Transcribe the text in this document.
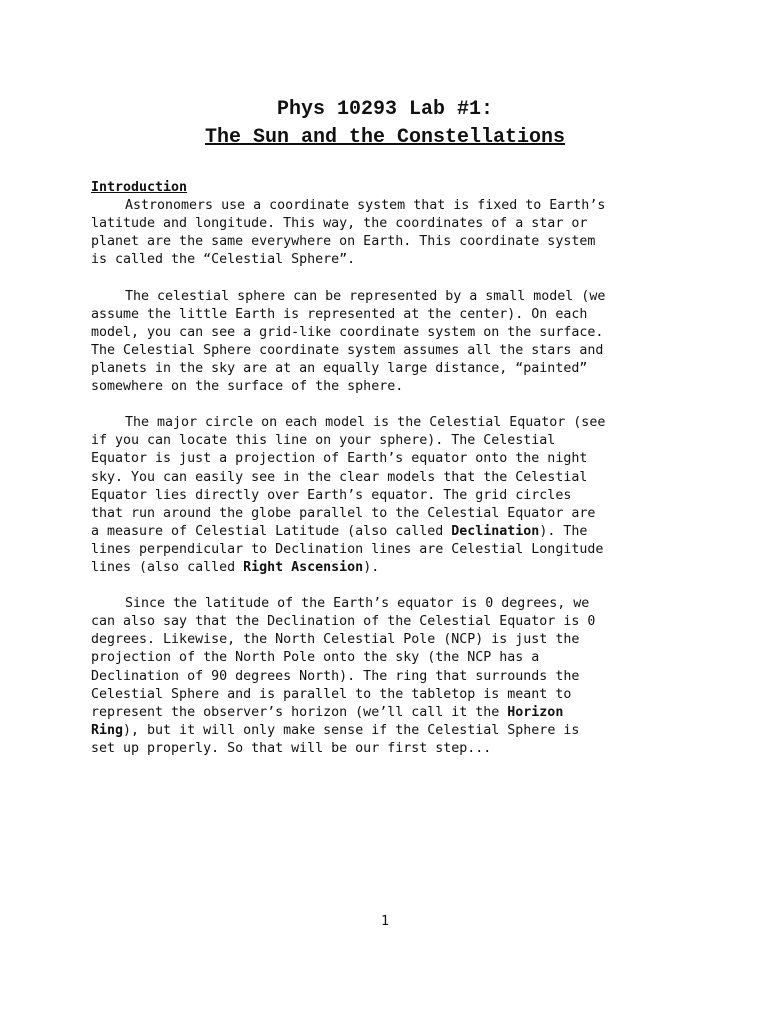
Phys 10293 Lab #1:
The Sun and the Constellations
Introduction

Astronomers use a coordinate system that is fixed to Earth’s
latitude and longitude. This way, the coordinates of a star or
planet are the same everywhere on Earth. This coordinate system
is called the “Celestial Sphere”.

The celestial sphere can be represented by a small model (we
assume the little Earth is represented at the center). On each
model, you can see a grid-like coordinate system on the surface.
The Celestial Sphere coordinate system assumes all the stars and
planets in the sky are at an equally large distance, “painted”
somewhere on the surface of the sphere.

The major circle on each model is the Celestial Equator (see
if you can locate this line on your sphere). The Celestial
Equator is just a projection of Earth’s equator onto the night
sky. You can easily see in the clear models that the Celestial
Equator lies directly over Earth’s equator. The grid circles
that run around the globe parallel to the Celestial Equator are
a measure of Celestial Latitude (also called Declination). The
lines perpendicular to Declination lines are Celestial Longitude
lines (also called Right Ascension).

Since the latitude of the Earth’s equator is 0 degrees, we
can also say that the Declination of the Celestial Equator is 0
degrees. Likewise, the North Celestial Pole (NCP) is just the
projection of the North Pole onto the sky (the NCP has a
Declination of 90 degrees North). The ring that surrounds the
Celestial Sphere and is parallel to the tabletop is meant to
represent the observer’s horizon (we’ll call it the Horizon
Ring), but it will only make sense if the Celestial Sphere is
set up properly. So that will be our first step...

1
